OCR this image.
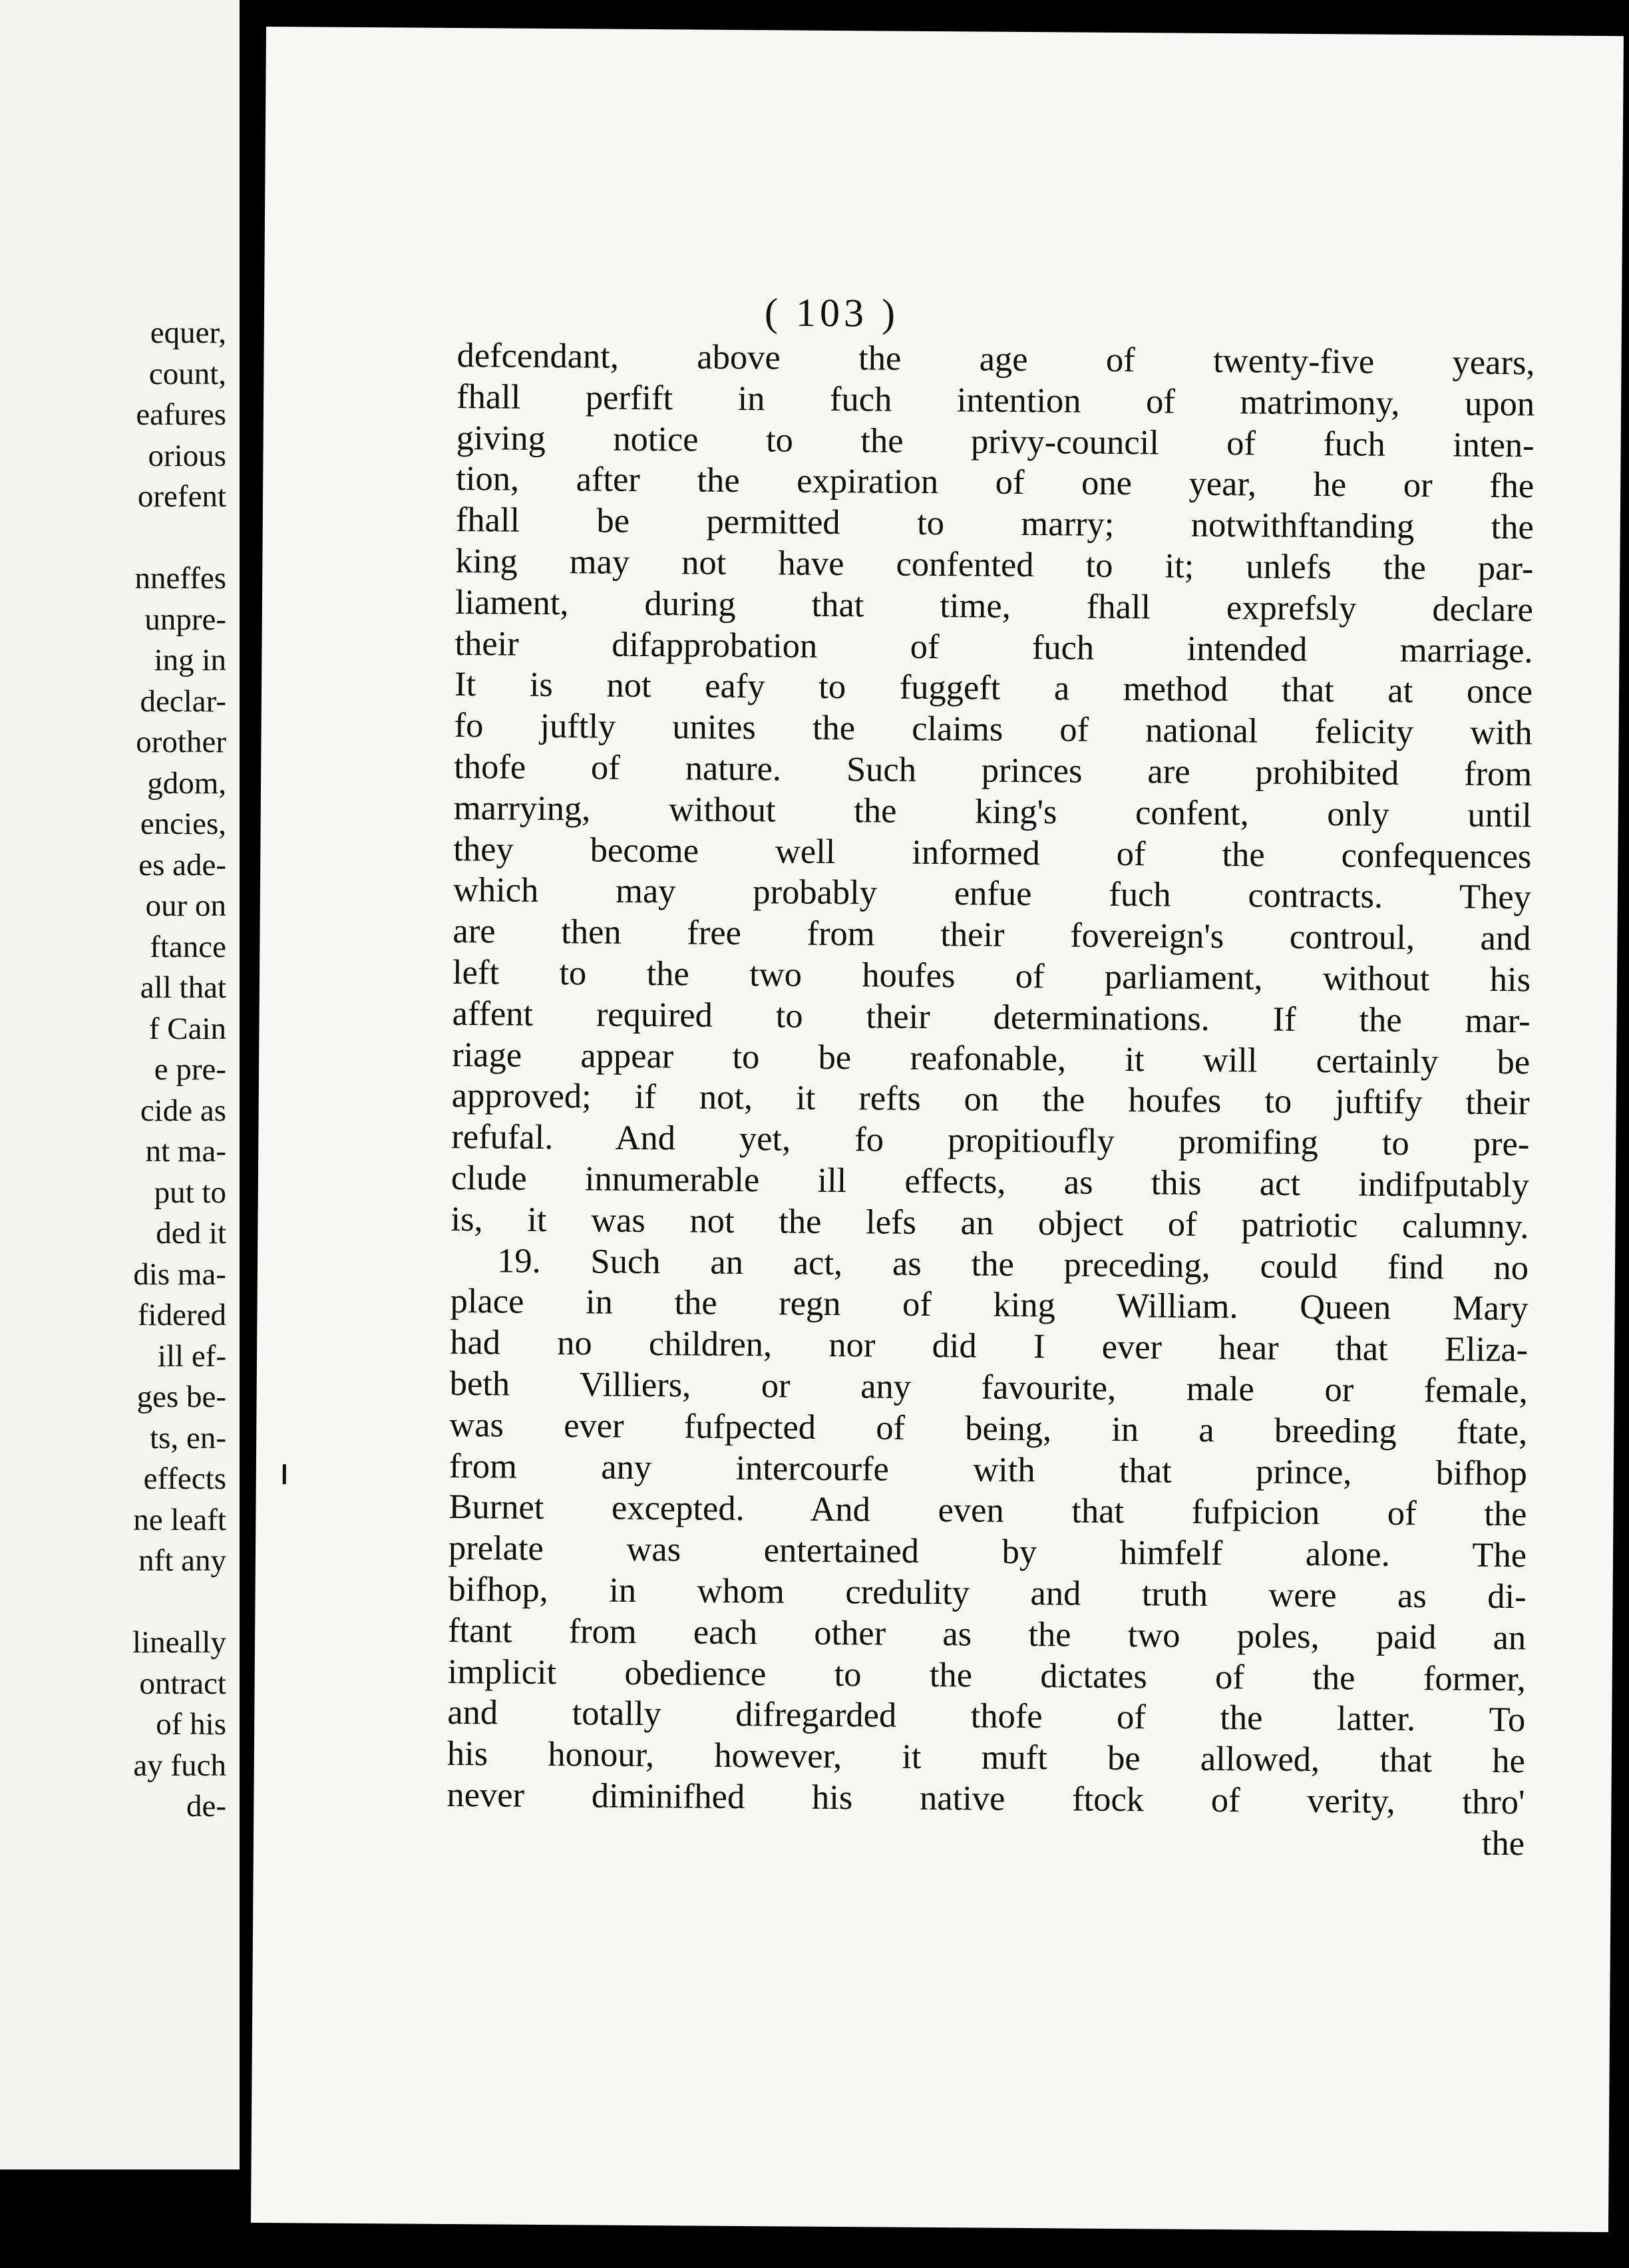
equer,
count,
eafures
orious
orefent
nneffes
unpre-
ing in
declar-
orother
gdom,
encies,
es ade-
our on
ftance
all that
f Cain
e pre-
cide as
nt ma-
put to
ded it
dis ma-
fidered
ill ef-
ges be-
ts, en-
effects
ne leaft
nft any
lineally
ontract
of his
ay fuch
de-
( 103 )
defcendant, above the age of twenty-five years,
fhall perfift in fuch intention of matrimony, upon
giving notice to the privy-council of fuch inten-
tion, after the expiration of one year, he or fhe
fhall be permitted to marry; notwithftanding the
king may not have confented to it; unlefs the par-
liament, during that time, fhall exprefsly declare
their difapprobation of fuch intended marriage.
It is not eafy to fuggeft a method that at once
fo juftly unites the claims of national felicity with
thofe of nature. Such princes are prohibited from
marrying, without the king's confent, only until
they become well informed of the confequences
which may probably enfue fuch contracts. They
are then free from their fovereign's controul, and
left to the two houfes of parliament, without his
affent required to their determinations. If the mar-
riage appear to be reafonable, it will certainly be
approved; if not, it refts on the houfes to juftify their
refufal. And yet, fo propitioufly promifing to pre-
clude innumerable ill effects, as this act indifputably
is, it was not the lefs an object of patriotic calumny.
19. Such an act, as the preceding, could find no
place in the regn of king William. Queen Mary
had no children, nor did I ever hear that Eliza-
beth Villiers, or any favourite, male or female,
was ever fufpected of being, in a breeding ftate,
from any intercourfe with that prince, bifhop
Burnet excepted. And even that fufpicion of the
prelate was entertained by himfelf alone. The
bifhop, in whom credulity and truth were as di-
ftant from each other as the two poles, paid an
implicit obedience to the dictates of the former,
and totally difregarded thofe of the latter. To
his honour, however, it muft be allowed, that he
never diminifhed his native ftock of verity, thro'
the
